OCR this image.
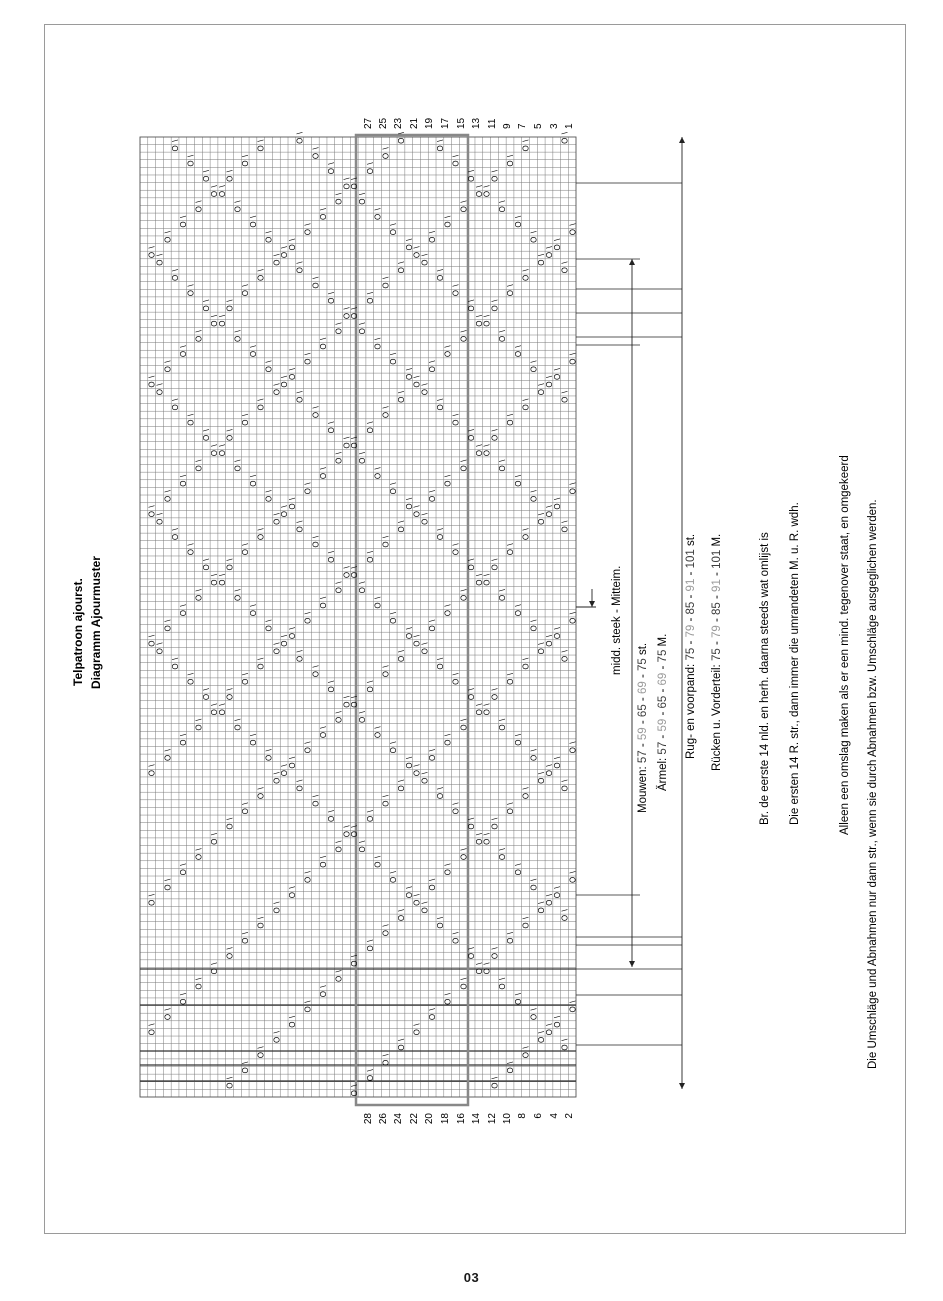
Telpatroon ajourst. Diagramm Ajourmuster
27 25 23 21 19 17 15 13 11 9 7 5 3 1
28 26 24 22 20 18 16 14 12 10 8 6 4 2
O
\
O
\
O
\
O
\
O
\
O
\
O
\
O
\
O
\
O
\
O
\
O
\
O
\
O
\
O
\
O
\
O
\
O
\
O
\
O
\
O
\
O
\
O
\
O
\
O
\
O
\
O
\
O
\
O
\
O
\
O
\
O
\
O
\
O
\
O
\
O
\
O
\
O
\
O
\
O
\
O
\
O
\
O
\
O
\
O
\
O
\
O
\
O
\
O
\
O
\
O
\
O
\
O
\
O
\
O
\
O
\
O
\
O
\
O
\
O
\
O
\
O
\
O
\
O
\
O
\
O
\
O
\
O
\
O
\
O
\
O
\
O
\
O
\
O
\
O
\
O
\
O
\
O
\
O
\
O
\
O
\
O
\
O
\
O
\
O
\
O
\
O
\
O
\
O
\
O
\
O
\
O
\
O
\
O
\
O
\
O
\
O
\
O
\
O
\
O
\
O
\
O
\
O
\
O
\
O
\
O
\
O
\
O
\
O
\
O
\
O
\
O
\
O
\
O
\
O
\
O
\
O
\
O
\
O
\
O
\
O
\
O
\
O
\
O
\
O
\
O
\
O
\
O
\
O
\
O
\
O
\
O
\
O
\
O
\
O
\
O
\
O
\
O
\
O
\
O
\
O
\
O
\
O
\
O
\
O
\
O
\
O
\
O
\
O
\
O
\
O
\
O
\
O
\
O
\
O
\
O
\
O
\
O
\
O
\
O
\
O
\
O
\
O
\
O
\
O
\
O
\
O
\
O
\
O
\
O
\
O
\
O
\
O
\
O
\
O
\
O
\
O
\
O
\
O
\
O
\
O
\
O
\
O
\
O
\
O
\
O
\
O
\
O
\
O
\
O
\
O
\
O
\
O
\
O
\
O
\
O
\
O
\
O
\
O
\
O
\
O
\
O
\
O
\
O
\
O
\
O
\
O
\
O
\
O
\
O
\
O
\
O
\
O
\
O
\
O
\
O
\
O
\
O
\
O
\
O
\
O
\
O
\
O
\
O
\
O
\
O
\
O
\
O
\
O
\
O
\
O
\
O
\
O
\
O
\
O
\
O
\
O
\
O
\
O
\
O
\
O
\
O
\
O
\
O
\
O
\
O
\
O
\
O
\
O
\
O
\
O
\
O
\
O
\
O
\
O
\
O
\
O
\
O
\
O
\
O
\
O
\
O
\
O
\
O
\
O
\
O
\
O
\
O
\
O
\
O
\
O
\
O
\
O
\
O
\
O
\
O
\
O
\
O
\
O
\
O
\
O
\
O
\
O
\
O
\
O
\
O
\
O
\
O
\
O
\
O
\
O
\
O
\
O
\
O
\
O
\
O
\
O
\
O
\
O
\
O
\
O
\
O
\
O
\
O
\
O
\
O
\
O
\
O
\
O
\
O
\
O
\
O
\
O
\
O
\
O
\
O
\
O
\
O
\
O
\
O
\
O
\
O
\
O
\
O
\
O
\
O
\
O
\
O
\
O
\
O
\
O
\
O
\
O
\
O
\
O
\
O
\
O
\
O
\
O
\
O
\
O
\
O
\
O
\
O
\
O
\
O
\
O
\
O
\
O
\
O
\
O
\
O
\
O
\
O
\
O
\
O
\
O
\
O
\
O
\
O
\
O
\
O
\
O
\
O
\
O
\
O
\
O
\
O
\
midd. steek - Mitteim.
Mouwen: 57 - 59 - 65 - 69 - 75 st.
Ärmel: 57 - 59 - 65 - 69 - 75 M.
Rug- en voorpand: 75 - 79 - 85 - 91 - 101 st.
Rücken u. Vorderteil: 75 - 79 - 85 - 91 - 101 M.	Br. de eerste 14 nld. en herh. daarna steeds wat omlijst is Die ersten 14 R. str., dann immer die umrandeten M. u. R. wdh.	Alleen een omslag maken als er een mind. tegenover staat, en omgekeerd Die Umschläge und Abnahmen nur dann str., wenn sie durch Abnahmen bzw. Umschläge ausgeglichen werden.
03
